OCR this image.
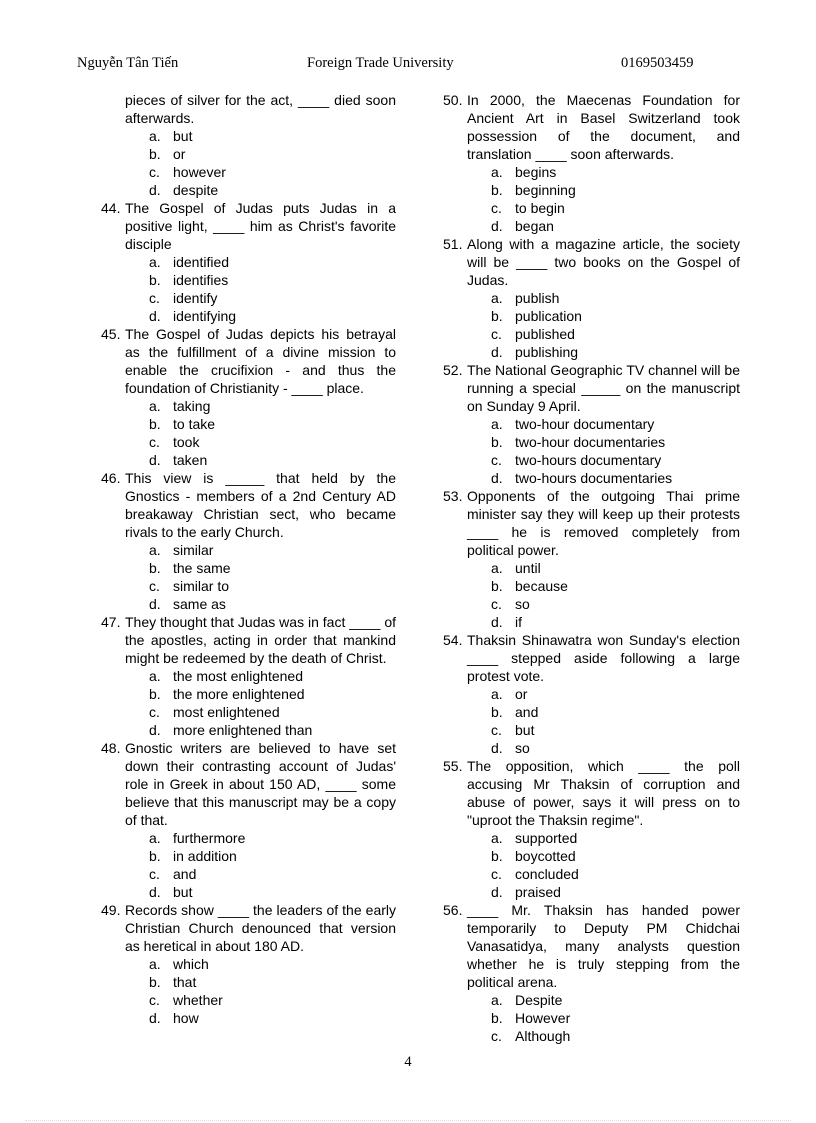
Nguyễn Tân Tiến	Foreign Trade University	0169503459
pieces of silver for the act, ____ died soon afterwards.
a. but
b. or
c. however
d. despite
44. The Gospel of Judas puts Judas in a positive light, ____ him as Christ's favorite disciple
a. identified
b. identifies
c. identify
d. identifying
45. The Gospel of Judas depicts his betrayal as the fulfillment of a divine mission to enable the crucifixion - and thus the foundation of Christianity - ____ place.
a. taking
b. to take
c. took
d. taken
46. This view is _____ that held by the Gnostics - members of a 2nd Century AD breakaway Christian sect, who became rivals to the early Church.
a. similar
b. the same
c. similar to
d. same as
47. They thought that Judas was in fact ____ of the apostles, acting in order that mankind might be redeemed by the death of Christ.
a. the most enlightened
b. the more enlightened
c. most enlightened
d. more enlightened than
48. Gnostic writers are believed to have set down their contrasting account of Judas' role in Greek in about 150 AD, ____ some believe that this manuscript may be a copy of that.
a. furthermore
b. in addition
c. and
d. but
49. Records show ____ the leaders of the early Christian Church denounced that version as heretical in about 180 AD.
a. which
b. that
c. whether
d. how
50. In 2000, the Maecenas Foundation for Ancient Art in Basel Switzerland took possession of the document, and translation ____ soon afterwards.
a. begins
b. beginning
c. to begin
d. began
51. Along with a magazine article, the society will be ____ two books on the Gospel of Judas.
a. publish
b. publication
c. published
d. publishing
52. The National Geographic TV channel will be running a special _____ on the manuscript on Sunday 9 April.
a. two-hour documentary
b. two-hour documentaries
c. two-hours documentary
d. two-hours documentaries
53. Opponents of the outgoing Thai prime minister say they will keep up their protests ____ he is removed completely from political power.
a. until
b. because
c. so
d. if
54. Thaksin Shinawatra won Sunday's election ____ stepped aside following a large protest vote.
a. or
b. and
c. but
d. so
55. The opposition, which ____ the poll accusing Mr Thaksin of corruption and abuse of power, says it will press on to "uproot the Thaksin regime".
a. supported
b. boycotted
c. concluded
d. praised
56. ____ Mr. Thaksin has handed power temporarily to Deputy PM Chidchai Vanasatidya, many analysts question whether he is truly stepping from the political arena.
a. Despite
b. However
c. Although
4
